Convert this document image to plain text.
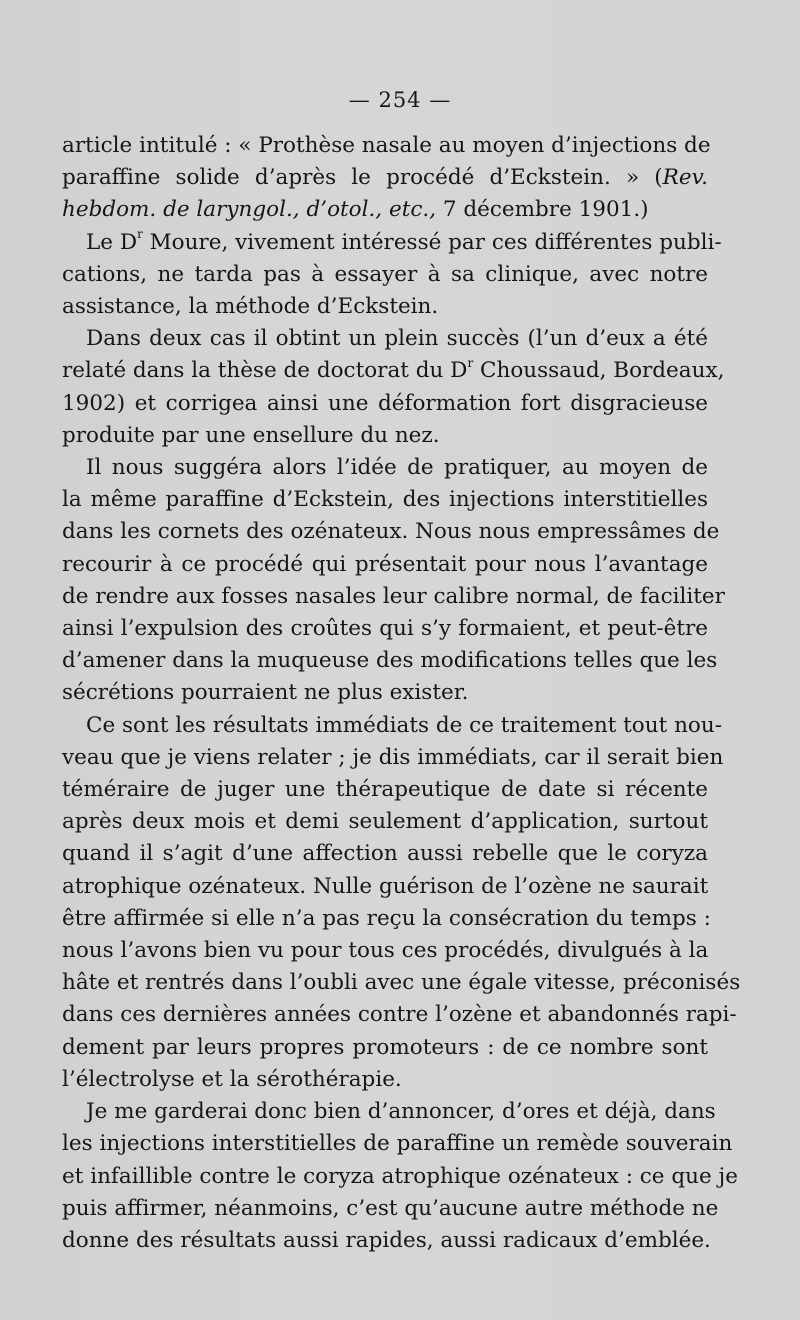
— 254 —

article intitulé : « Prothèse nasale au moyen d’injections de
paraffine solide d’après le procédé d’Eckstein. » (Rev.
hebdom. de laryngol., d’otol., etc., 7 décembre 1901.)

Le $D^r$ Moure, vivement intéressé par ces différentes publi-
cations, ne tarda pas à essayer à sa clinique, avec notre
assistance, la méthode d’Eckstein.

Dans deux cas il obtint un plein succès (l’un d’eux a été
relaté dans la thèse de doctorat du $D^r$ Choussaud, Bordeaux,
1902) et corrigea ainsi une déformation fort disgracieuse
produite par une ensellure du nez.

Il nous suggéra alors l’idée de pratiquer, au moyen de
la même paraffine d’Eckstein, des injections interstitielles
dans les cornets des ozénateux. Nous nous empressâmes de
recourir à ce procédé qui présentait pour nous l’avantage
de rendre aux fosses nasales leur calibre normal, de faciliter
ainsi l’expulsion des croûtes qui s’y formaient, et peut-être
d’amener dans la muqueuse des modifications telles que les
sécrétions pourraient ne plus exister.

Ce sont les résultats immédiats de ce traitement tout nou-
veau que je viens relater ; je dis immédiats, car il serait bien
téméraire de juger une thérapeutique de date si récente
après deux mois et demi seulement d’application, surtout
quand il s’agit d’une affection aussi rebelle que le coryza
atrophique ozénateux. Nulle guérison de l’ozène ne saurait
être affirmée si elle n’a pas reçu la consécration du temps :
nous l’avons bien vu pour tous ces procédés, divulgués à la
hâte et rentrés dans l’oubli avec une égale vitesse, préconisés
dans ces dernières années contre l’ozène et abandonnés rapi-
dement par leurs propres promoteurs : de ce nombre sont
l’électrolyse et la sérothérapie.

Je me garderai donc bien d’annoncer, d’ores et déjà, dans
les injections interstitielles de paraffine un remède souverain
et infaillible contre le coryza atrophique ozénateux : ce que je
puis affirmer, néanmoins, c’est qu’aucune autre méthode ne
donne des résultats aussi rapides, aussi radicaux d’emblée.
